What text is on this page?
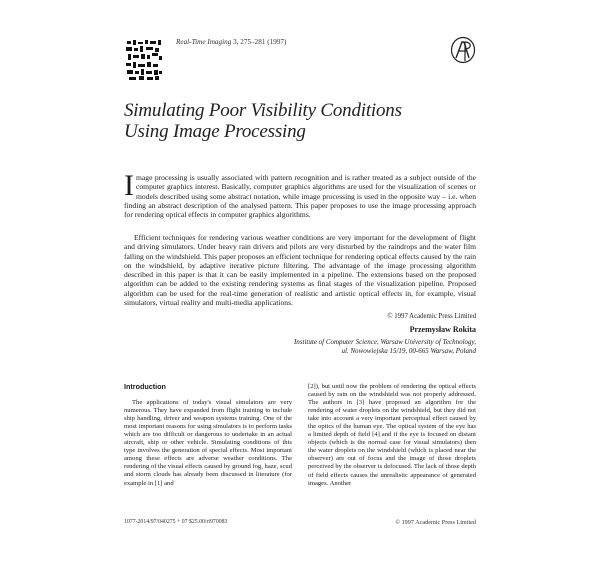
Real-Time Imaging 3, 275–281 (1997)
Simulating Poor Visibility Conditions
Using Image Processing

Image processing is usually associated with pattern recognition and is rather treated as a subject outside of the computer graphics interest. Basically, computer graphics algorithms are used for the visualization of scenes or models described using some abstract notation, while image processing is used in the opposite way – i.e. when finding an abstract description of the analysed pattern. This paper proposes to use the image processing approach for rendering optical effects in computer graphics algorithms.

Efficient techniques for rendering various weather conditions are very important for the development of flight and driving simulators. Under heavy rain drivers and pilots are very disturbed by the raindrops and the water film falling on the windshield. This paper proposes an efficient technique for rendering optical effects caused by the rain on the windshield, by adaptive iterative picture filtering. The advantage of the image processing algorithm described in this paper is that it can be easily implemented in a pipeline. The extensions based on the proposed algorithm can be added to the existing rendering systems as final stages of the visualization pipeline. Proposed algorithm can be used for the real-time generation of realistic and artistic optical effects in, for example, visual simulators, virtual reality and multi-media applications.

© 1997 Academic Press Limited
Przemysław Rokita
Institute of Computer Science, Warsaw University of Technology,
ul. Nowowiejska 15/19, 00-665 Warsaw, Poland
Introduction

The applications of today's visual simulators are very numerous. They have expanded from flight training to include ship handling, driver and weapon systems training. One of the most important reasons for using simulators is to perform tasks which are too difficult or dangerous to undertake in an actual aircraft, ship or other vehicle. Simulating conditions of this type involves the generation of special effects. Most important among these effects are adverse weather conditions. The rendering of the visual effects caused by ground fog, haze, scud and storm clouds has already been discussed in literature (for example in [1] and

[2]), but until now the problem of rendering the optical effects caused by rain on the windshield was not properly addressed. The authors in [3] have proposed an algorithm for the rendering of water droplets on the windshield, but they did not take into account a very important perceptual effect caused by the optics of the human eye. The optical system of the eye has a limited depth of field [4] and if the eye is focused on distant objects (which is the normal case for visual simulators) then the water droplets on the windshield (which is placed near the observer) are out of focus and the image of those droplets perceived by the observer is defocused. The lack of those depth of field effects causes the unrealistic appearance of generated images. Another

1077-2014/97/040275 + 07 $25.00/ri970083	© 1997 Academic Press Limited
